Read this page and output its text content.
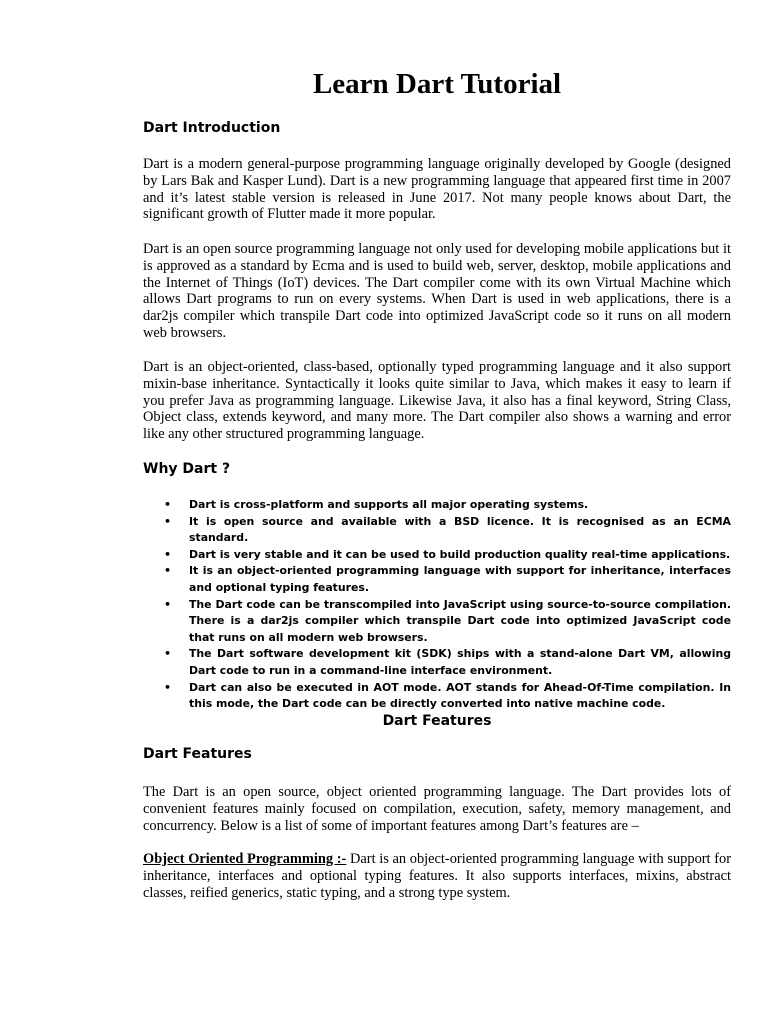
Learn Dart Tutorial
Dart Introduction

Dart is a modern general-purpose programming language originally developed by Google (designed by Lars Bak and Kasper Lund). Dart is a new programming language that appeared first time in 2007 and it’s latest stable version is released in June 2017. Not many people knows about Dart, the significant growth of Flutter made it more popular.

Dart is an open source programming language not only used for developing mobile applications but it is approved as a standard by Ecma and is used to build web, server, desktop, mobile applications and the Internet of Things (IoT) devices. The Dart compiler come with its own Virtual Machine which allows Dart programs to run on every systems. When Dart is used in web applications, there is a dar2js compiler which transpile Dart code into optimized JavaScript code so it runs on all modern web browsers.

Dart is an object-oriented, class-based, optionally typed programming language and it also support mixin-base inheritance. Syntactically it looks quite similar to Java, which makes it easy to learn if you prefer Java as programming language. Likewise Java, it also has a final keyword, String Class, Object class, extends keyword, and many more. The Dart compiler also shows a warning and error like any other structured programming language.

Why Dart ?
• Dart is cross-platform and supports all major operating systems.
• It is open source and available with a BSD licence. It is recognised as an ECMA standard.
• Dart is very stable and it can be used to build production quality real-time applications.
• It is an object-oriented programming language with support for inheritance, interfaces and optional typing features.
• The Dart code can be transcompiled into JavaScript using source-to-source compilation. There is a dar2js compiler which transpile Dart code into optimized JavaScript code that runs on all modern web browsers.
• The Dart software development kit (SDK) ships with a stand-alone Dart VM, allowing Dart code to run in a command-line interface environment.
• Dart can also be executed in AOT mode. AOT stands for Ahead-Of-Time compilation. In this mode, the Dart code can be directly converted into native machine code.
Dart Features
Dart Features

The Dart is an open source, object oriented programming language. The Dart provides lots of convenient features mainly focused on compilation, execution, safety, memory management, and concurrency. Below is a list of some of important features among Dart’s features are –

Object Oriented Programming :- Dart is an object-oriented programming language with support for inheritance, interfaces and optional typing features. It also supports interfaces, mixins, abstract classes, reified generics, static typing, and a strong type system.
